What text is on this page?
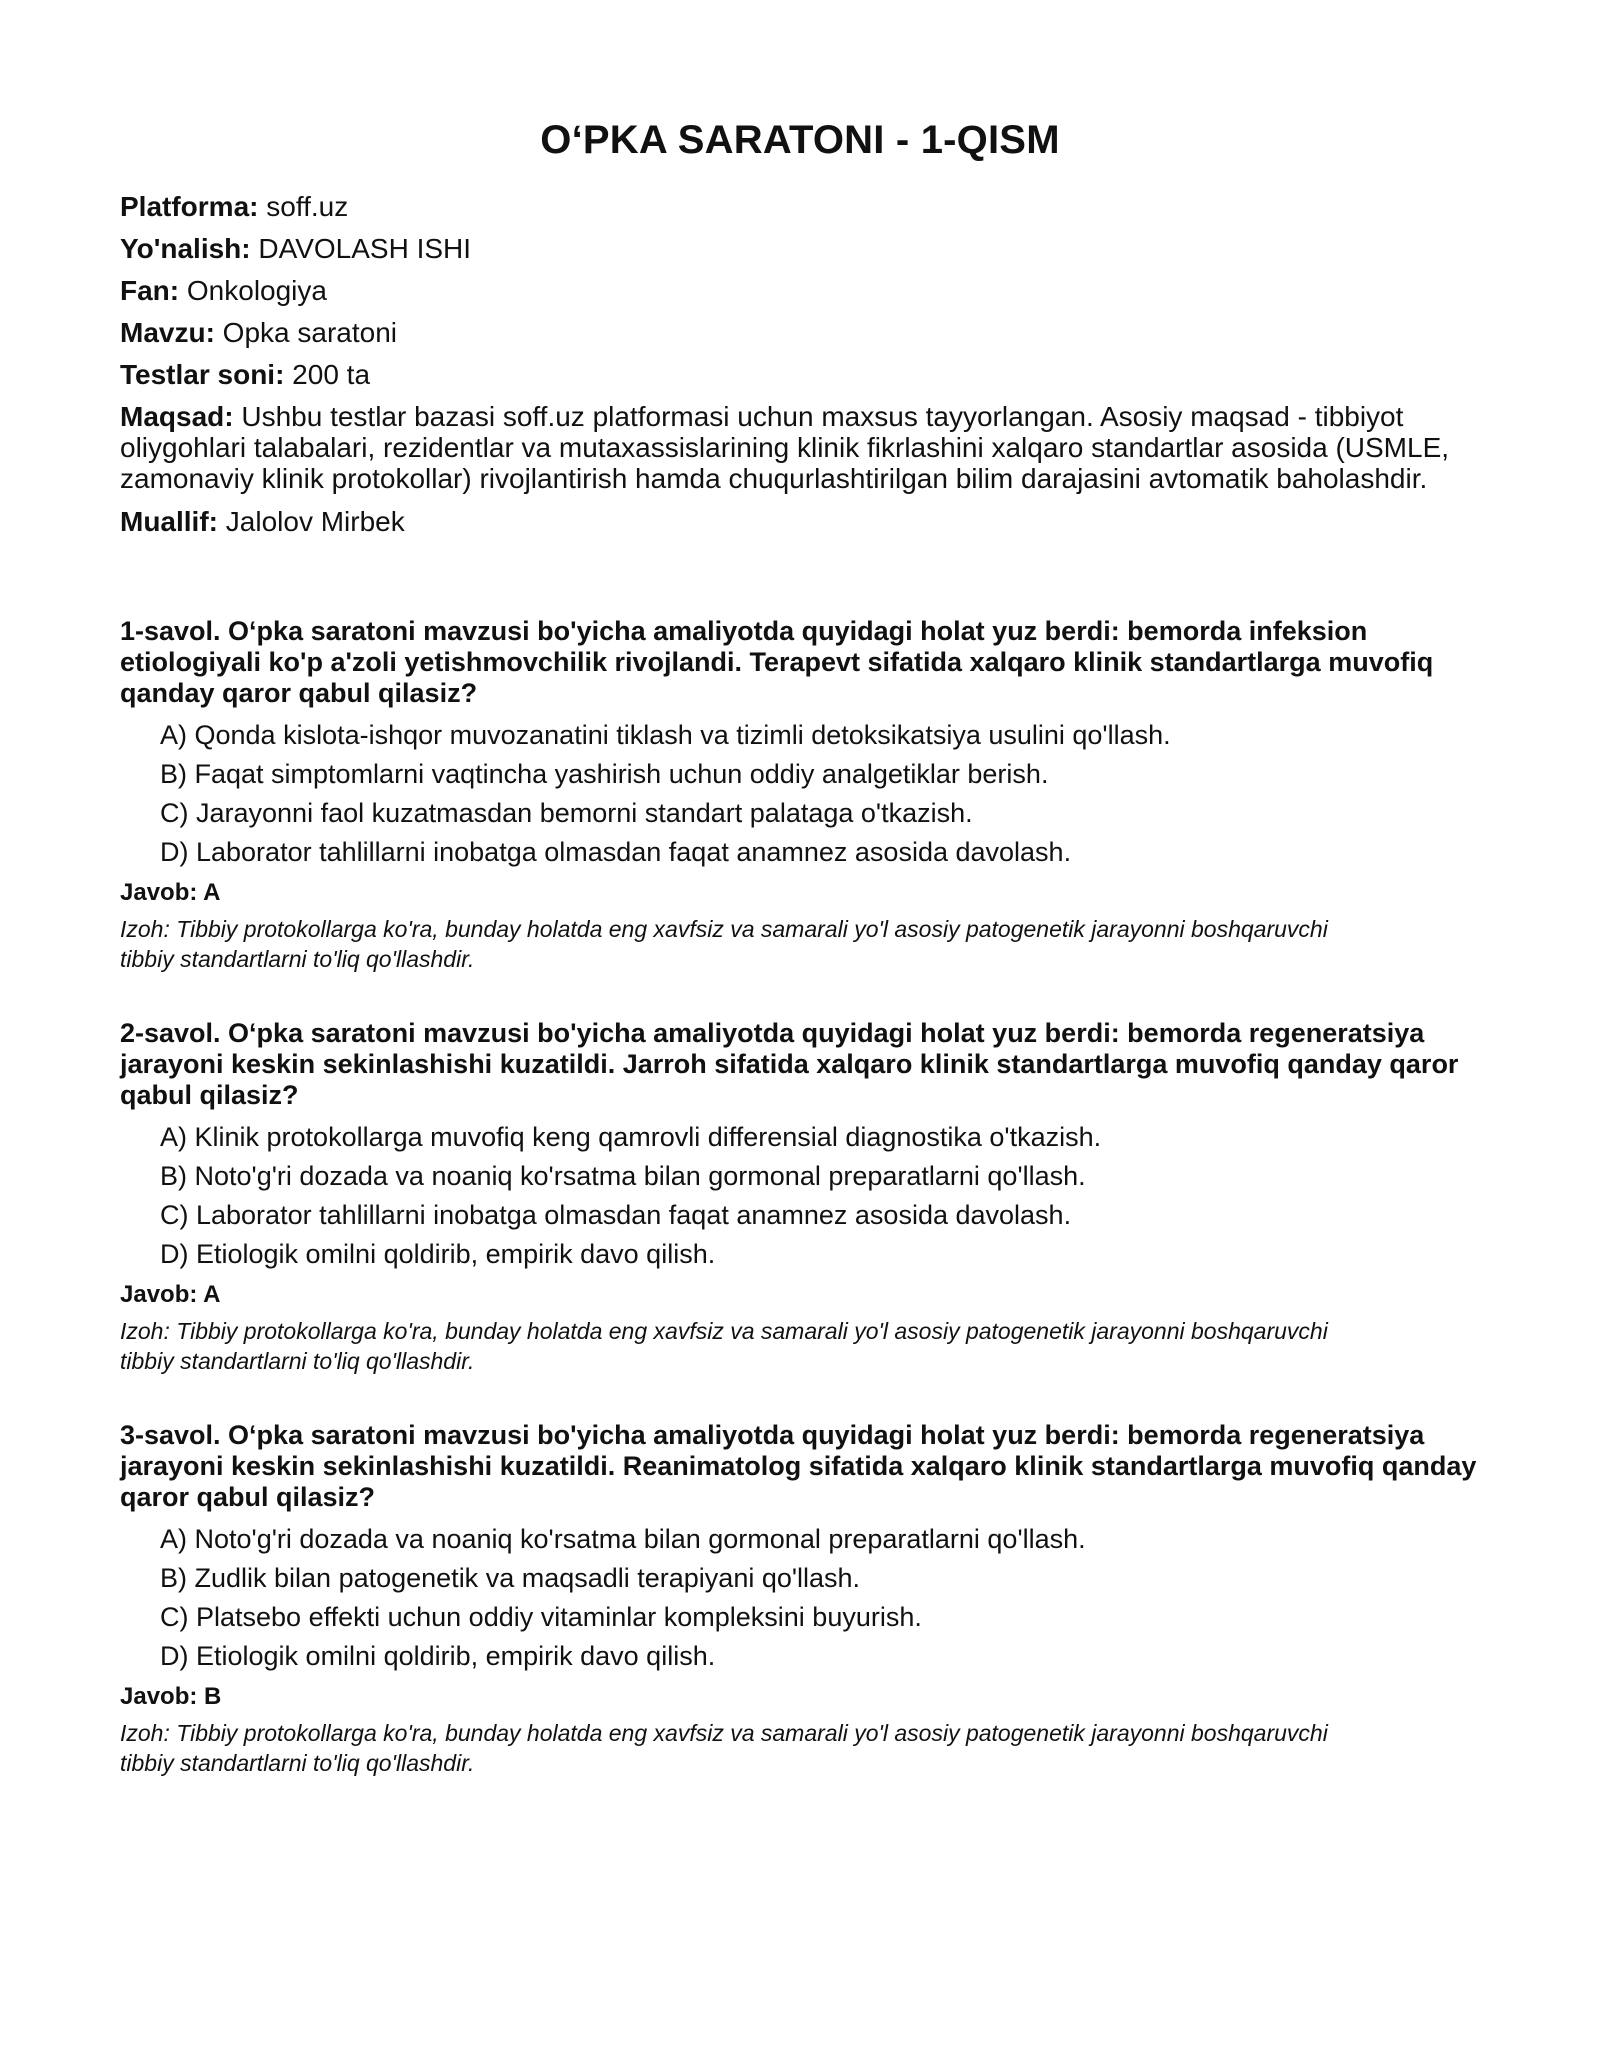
O‘PKA SARATONI - 1-QISM
Platforma: soff.uz
Yo'nalish: DAVOLASH ISHI
Fan: Onkologiya
Mavzu: Opka saratoni
Testlar soni: 200 ta
Maqsad: Ushbu testlar bazasi soff.uz platformasi uchun maxsus tayyorlangan. Asosiy maqsad - tibbiyot oliygohlari talabalari, rezidentlar va mutaxassislarining klinik fikrlashini xalqaro standartlar asosida (USMLE, zamonaviy klinik protokollar) rivojlantirish hamda chuqurlashtirilgan bilim darajasini avtomatik baholashdir.
Muallif: Jalolov Mirbek

1-savol. O‘pka saratoni mavzusi bo'yicha amaliyotda quyidagi holat yuz berdi: bemorda infeksion etiologiyali ko'p a'zoli yetishmovchilik rivojlandi. Terapevt sifatida xalqaro klinik standartlarga muvofiq qanday qaror qabul qilasiz?

A) Qonda kislota-ishqor muvozanatini tiklash va tizimli detoksikatsiya usulini qo'llash.
B) Faqat simptomlarni vaqtincha yashirish uchun oddiy analgetiklar berish.
C) Jarayonni faol kuzatmasdan bemorni standart palataga o'tkazish.
D) Laborator tahlillarni inobatga olmasdan faqat anamnez asosida davolash.

Javob: A

Izoh: Tibbiy protokollarga ko'ra, bunday holatda eng xavfsiz va samarali yo'l asosiy patogenetik jarayonni boshqaruvchi tibbiy standartlarni to'liq qo'llashdir.

2-savol. O‘pka saratoni mavzusi bo'yicha amaliyotda quyidagi holat yuz berdi: bemorda regeneratsiya jarayoni keskin sekinlashishi kuzatildi. Jarroh sifatida xalqaro klinik standartlarga muvofiq qanday qaror qabul qilasiz?

A) Klinik protokollarga muvofiq keng qamrovli differensial diagnostika o'tkazish.
B) Noto'g'ri dozada va noaniq ko'rsatma bilan gormonal preparatlarni qo'llash.
C) Laborator tahlillarni inobatga olmasdan faqat anamnez asosida davolash.
D) Etiologik omilni qoldirib, empirik davo qilish.

Javob: A

Izoh: Tibbiy protokollarga ko'ra, bunday holatda eng xavfsiz va samarali yo'l asosiy patogenetik jarayonni boshqaruvchi tibbiy standartlarni to'liq qo'llashdir.

3-savol. O‘pka saratoni mavzusi bo'yicha amaliyotda quyidagi holat yuz berdi: bemorda regeneratsiya jarayoni keskin sekinlashishi kuzatildi. Reanimatolog sifatida xalqaro klinik standartlarga muvofiq qanday qaror qabul qilasiz?

A) Noto'g'ri dozada va noaniq ko'rsatma bilan gormonal preparatlarni qo'llash.
B) Zudlik bilan patogenetik va maqsadli terapiyani qo'llash.
C) Platsebo effekti uchun oddiy vitaminlar kompleksini buyurish.
D) Etiologik omilni qoldirib, empirik davo qilish.

Javob: B

Izoh: Tibbiy protokollarga ko'ra, bunday holatda eng xavfsiz va samarali yo'l asosiy patogenetik jarayonni boshqaruvchi tibbiy standartlarni to'liq qo'llashdir.
